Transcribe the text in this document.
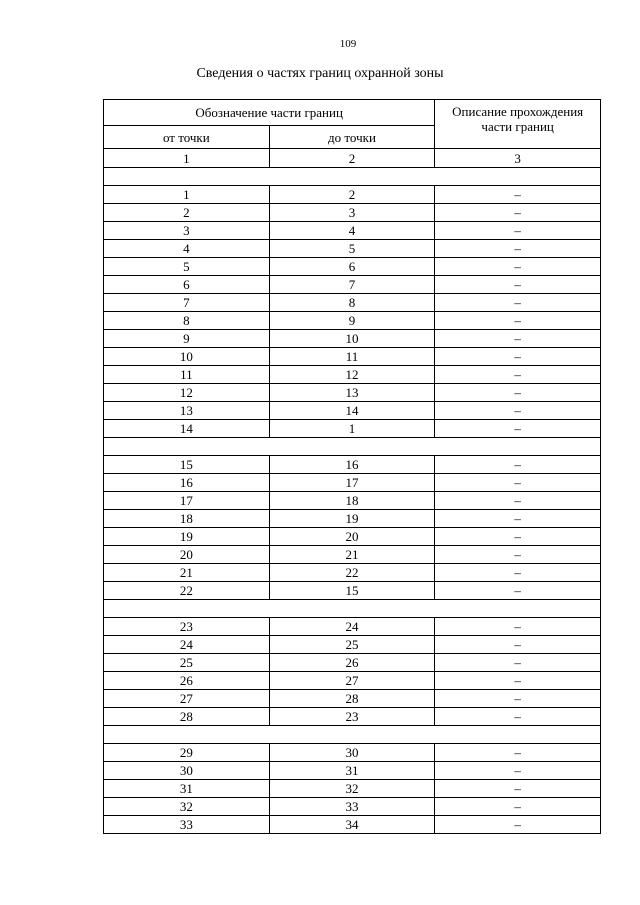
109
Сведения о частях границ охранной зоны
Обозначение части границ		Описание прохождения части границ
от точки	до точки	
1	2	3

1	2	–
2	3	–
3	4	–
4	5	–
5	6	–
6	7	–
7	8	–
8	9	–
9	10	–
10	11	–
11	12	–
12	13	–
13	14	–
14	1	–

15	16	–
16	17	–
17	18	–
18	19	–
19	20	–
20	21	–
21	22	–
22	15	–

23	24	–
24	25	–
25	26	–
26	27	–
27	28	–
28	23	–

29	30	–
30	31	–
31	32	–
32	33	–
33	34	–
